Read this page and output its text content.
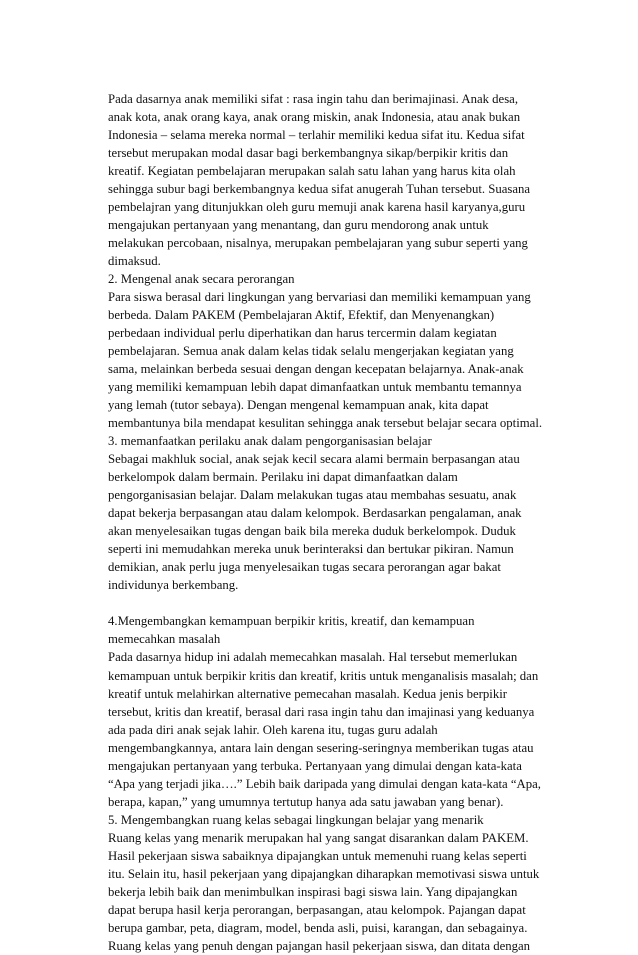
Pada dasarnya anak memiliki sifat : rasa ingin tahu dan berimajinasi. Anak desa,
anak kota, anak orang kaya, anak orang miskin, anak Indonesia, atau anak bukan
Indonesia – selama mereka normal – terlahir memiliki kedua sifat itu. Kedua sifat
tersebut merupakan modal dasar bagi berkembangnya sikap/berpikir kritis dan
kreatif. Kegiatan pembelajaran merupakan salah satu lahan yang harus kita olah
sehingga subur bagi berkembangnya kedua sifat anugerah Tuhan tersebut. Suasana
pembelajran yang ditunjukkan oleh guru memuji anak karena hasil karyanya,guru
mengajukan pertanyaan yang menantang, dan guru mendorong anak untuk
melakukan percobaan, nisalnya, merupakan pembelajaran yang subur seperti yang
dimaksud.
2. Mengenal anak secara perorangan
Para siswa berasal dari lingkungan yang bervariasi dan memiliki kemampuan yang
berbeda. Dalam PAKEM (Pembelajaran Aktif, Efektif, dan Menyenangkan)
perbedaan individual perlu diperhatikan dan harus tercermin dalam kegiatan
pembelajaran. Semua anak dalam kelas tidak selalu mengerjakan kegiatan yang
sama, melainkan berbeda sesuai dengan dengan kecepatan belajarnya. Anak-anak
yang memiliki kemampuan lebih dapat dimanfaatkan untuk membantu temannya
yang lemah (tutor sebaya). Dengan mengenal kemampuan anak, kita dapat
membantunya bila mendapat kesulitan sehingga anak tersebut belajar secara optimal.
3. memanfaatkan perilaku anak dalam pengorganisasian belajar
Sebagai makhluk social, anak sejak kecil secara alami bermain berpasangan atau
berkelompok dalam bermain. Perilaku ini dapat dimanfaatkan dalam
pengorganisasian belajar. Dalam melakukan tugas atau membahas sesuatu, anak
dapat bekerja berpasangan atau dalam kelompok. Berdasarkan pengalaman, anak
akan menyelesaikan tugas dengan baik bila mereka duduk berkelompok. Duduk
seperti ini memudahkan mereka unuk berinteraksi dan bertukar pikiran. Namun
demikian, anak perlu juga menyelesaikan tugas secara perorangan agar bakat
individunya berkembang.
4.Mengembangkan kemampuan berpikir kritis, kreatif, dan kemampuan
memecahkan masalah
Pada dasarnya hidup ini adalah memecahkan masalah. Hal tersebut memerlukan
kemampuan untuk berpikir kritis dan kreatif, kritis untuk menganalisis masalah; dan
kreatif untuk melahirkan alternative pemecahan masalah. Kedua jenis berpikir
tersebut, kritis dan kreatif, berasal dari rasa ingin tahu dan imajinasi yang keduanya
ada pada diri anak sejak lahir. Oleh karena itu, tugas guru adalah
mengembangkannya, antara lain dengan sesering-seringnya memberikan tugas atau
mengajukan pertanyaan yang terbuka. Pertanyaan yang dimulai dengan kata-kata
“Apa yang terjadi jika….” Lebih baik daripada yang dimulai dengan kata-kata “Apa,
berapa, kapan,” yang umumnya tertutup hanya ada satu jawaban yang benar).
5. Mengembangkan ruang kelas sebagai lingkungan belajar yang menarik
Ruang kelas yang menarik merupakan hal yang sangat disarankan dalam PAKEM.
Hasil pekerjaan siswa sabaiknya dipajangkan untuk memenuhi ruang kelas seperti
itu. Selain itu, hasil pekerjaan yang dipajangkan diharapkan memotivasi siswa untuk
bekerja lebih baik dan menimbulkan inspirasi bagi siswa lain. Yang dipajangkan
dapat berupa hasil kerja perorangan, berpasangan, atau kelompok. Pajangan dapat
berupa gambar, peta, diagram, model, benda asli, puisi, karangan, dan sebagainya.
Ruang kelas yang penuh dengan pajangan hasil pekerjaan siswa, dan ditata dengan
